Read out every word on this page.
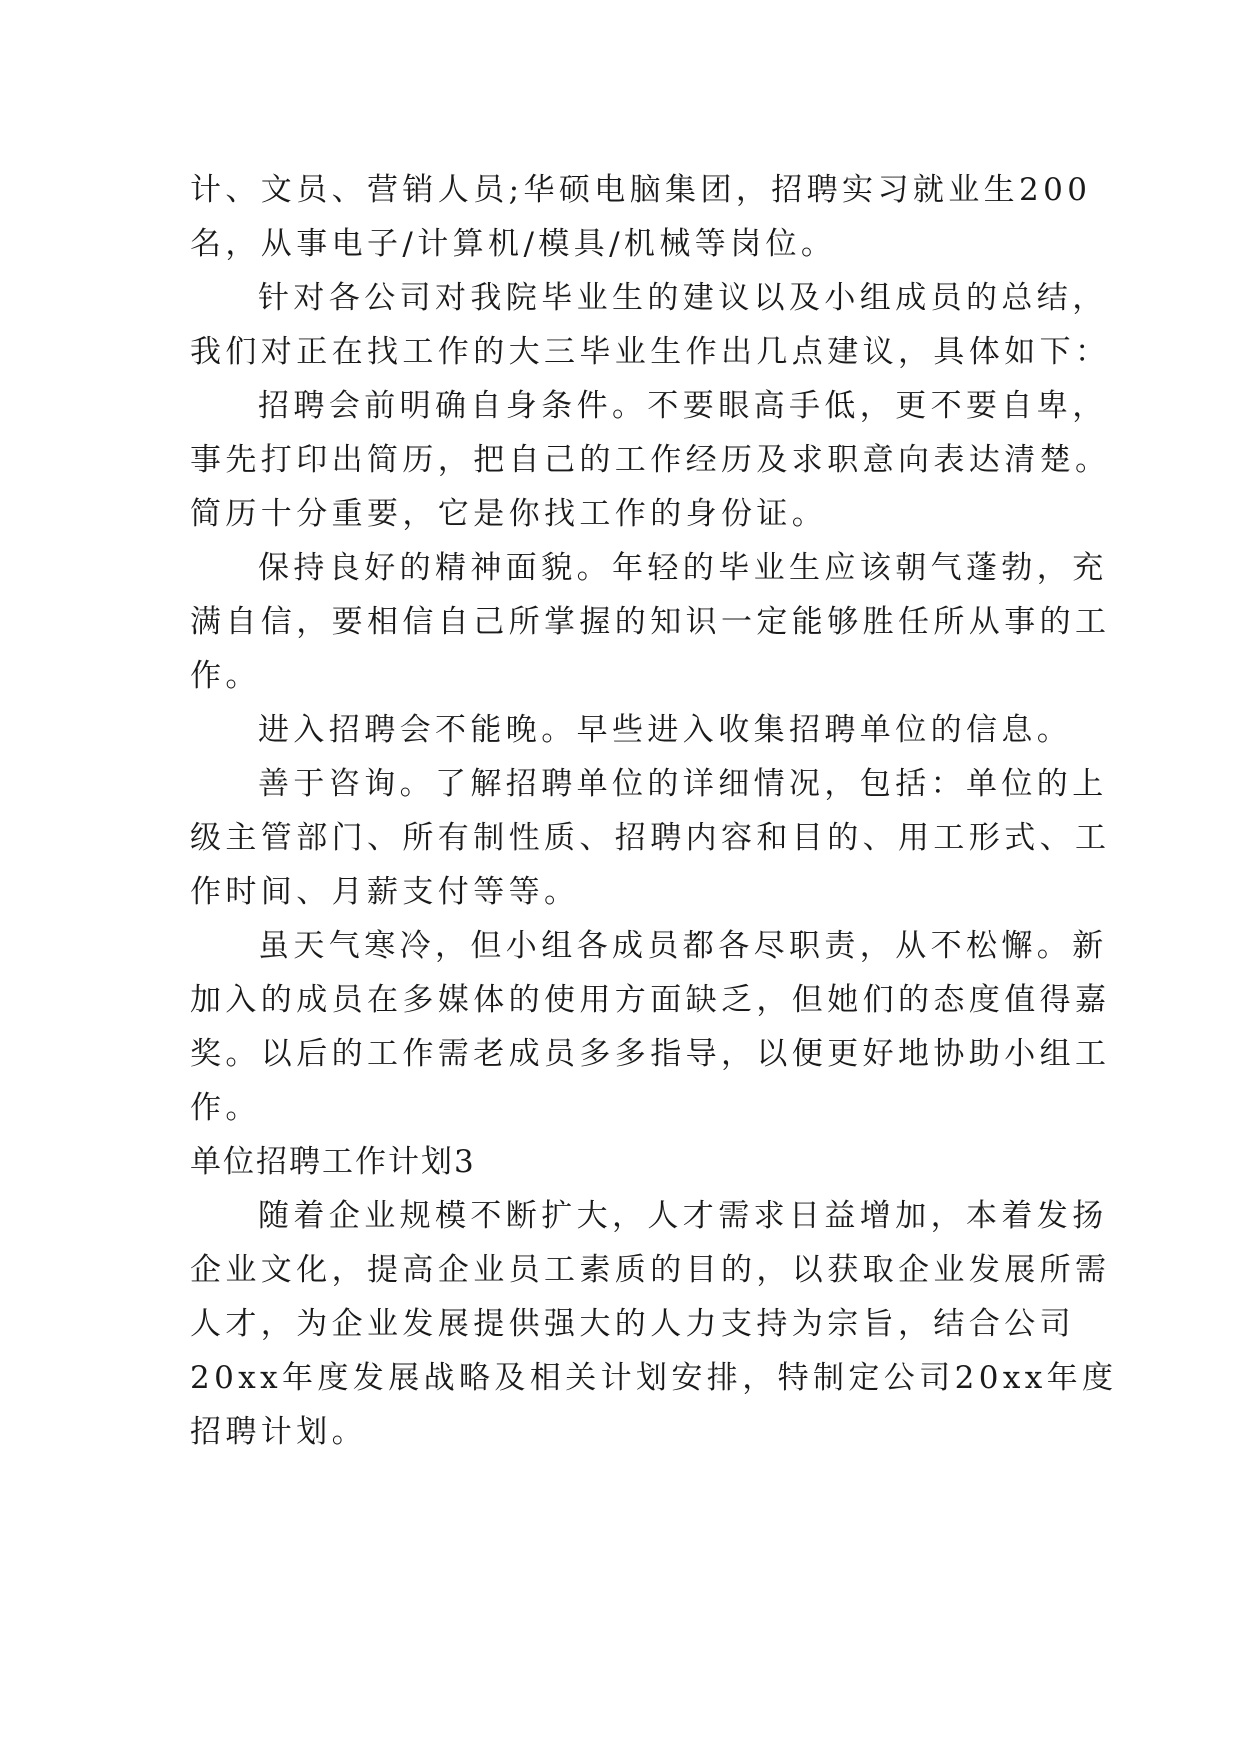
计、文员、营销人员;华硕电脑集团，招聘实习就业生200
名，从事电子/计算机/模具/机械等岗位。
针对各公司对我院毕业生的建议以及小组成员的总结，
我们对正在找工作的大三毕业生作出几点建议，具体如下：
招聘会前明确自身条件。不要眼高手低，更不要自卑，
事先打印出简历，把自己的工作经历及求职意向表达清楚。
简历十分重要，它是你找工作的身份证。
保持良好的精神面貌。年轻的毕业生应该朝气蓬勃，充
满自信，要相信自己所掌握的知识一定能够胜任所从事的工
作。
进入招聘会不能晚。早些进入收集招聘单位的信息。
善于咨询。了解招聘单位的详细情况，包括：单位的上
级主管部门、所有制性质、招聘内容和目的、用工形式、工
作时间、月薪支付等等。
虽天气寒冷，但小组各成员都各尽职责，从不松懈。新
加入的成员在多媒体的使用方面缺乏，但她们的态度值得嘉
奖。以后的工作需老成员多多指导，以便更好地协助小组工
作。
单位招聘工作计划3
随着企业规模不断扩大，人才需求日益增加，本着发扬
企业文化，提高企业员工素质的目的，以获取企业发展所需
人才，为企业发展提供强大的人力支持为宗旨，结合公司
20xx年度发展战略及相关计划安排，特制定公司20xx年度
招聘计划。
